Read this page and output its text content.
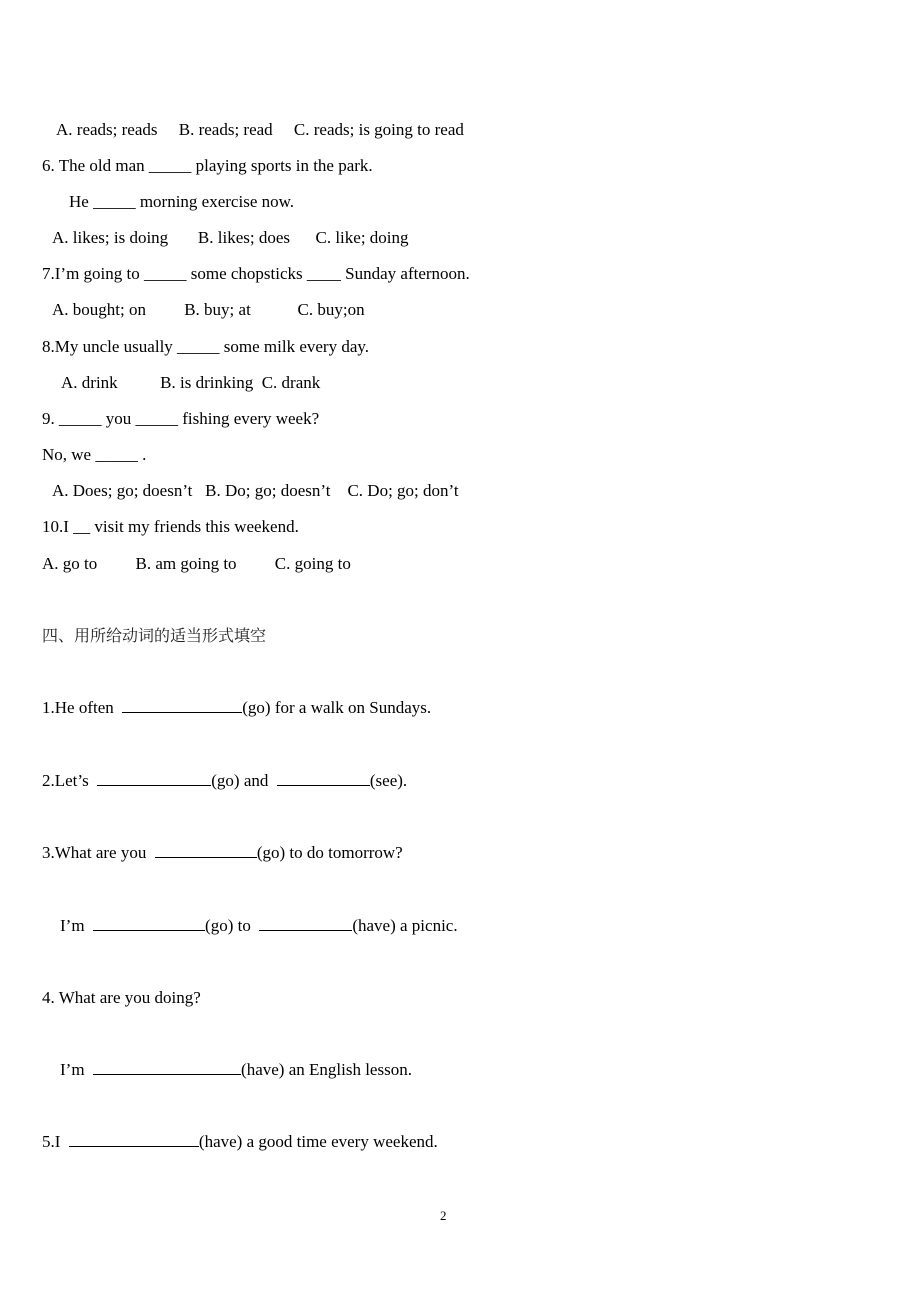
A. reads; reads     B. reads; read     C. reads; is going to read
6. The old man _____ playing sports in the park.
He _____ morning exercise now.
A. likes; is doing       B. likes; does      C. like; doing
7.I’m going to _____ some chopsticks ____ Sunday afternoon.
A. bought; on         B. buy; at           C. buy;on
8.My uncle usually _____ some milk every day.
A. drink          B. is drinking  C. drank
9. _____ you _____ fishing every week?
No, we _____ .
A. Does; go; doesn’t   B. Do; go; doesn’t    C. Do; go; don’t
10.I __ visit my friends this weekend.
A. go to         B. am going to         C. going to
四、用所给动词的适当形式填空
1.He often	(go) for a walk on Sundays.
2.Let’s	(go) and	(see).
3.What are you	(go) to do tomorrow?
I’m	(go) to	(have) a picnic.
4. What are you doing?
I’m	(have) an English lesson.
5.I	(have) a good time every weekend.
2
